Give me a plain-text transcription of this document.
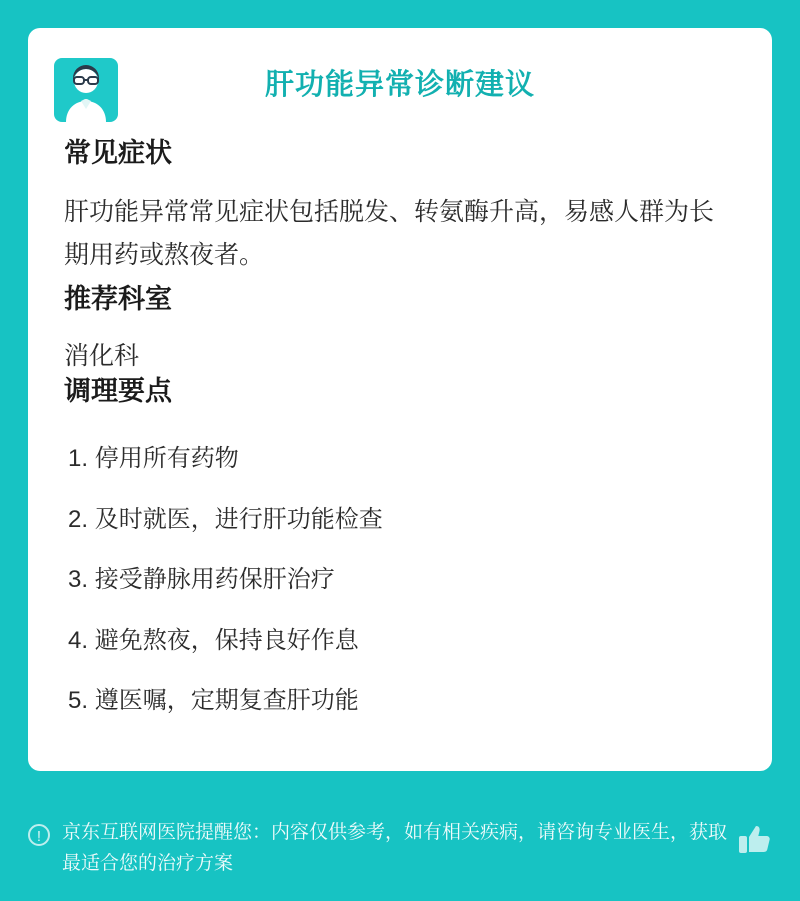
肝功能异常诊断建议
常见症状

肝功能异常常见症状包括脱发、转氨酶升高，易感人群为长期用药或熬夜者。

推荐科室

消化科

调理要点
停用所有药物
及时就医，进行肝功能检查
接受静脉用药保肝治疗
避免熬夜，保持良好作息
遵医嘱，定期复查肝功能
!	京东互联网医院提醒您：内容仅供参考，如有相关疾病，请咨询专业医生，获取最适合您的治疗方案
